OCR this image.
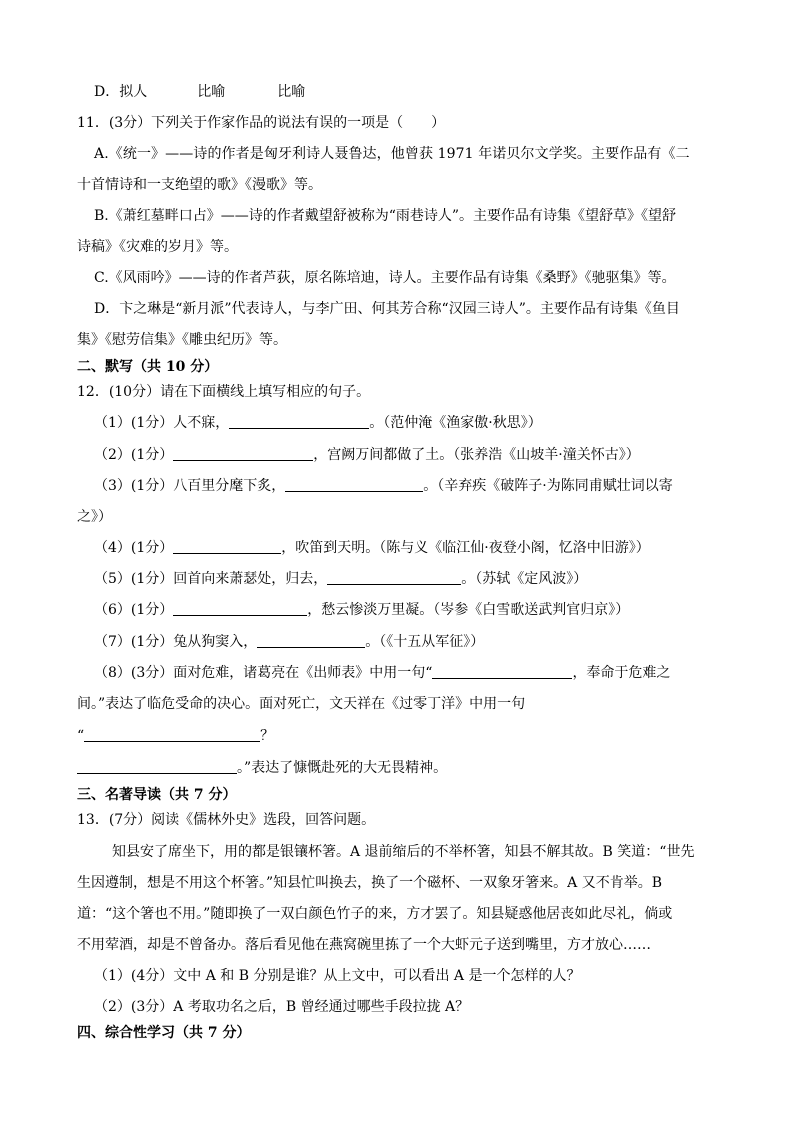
D．拟人	比喻	比喻
11．(3分）下列关于作家作品的说法有误的一项是（　　）
A.《统一》——诗的作者是匈牙利诗人聂鲁达，他曾获 1971 年诺贝尔文学奖。主要作品有《二
十首情诗和一支绝望的歌》《漫歌》等。
B.《萧红墓畔口占》——诗的作者戴望舒被称为“雨巷诗人”。主要作品有诗集《望舒草》《望舒
诗稿》《灾难的岁月》等。
C.《风雨吟》——诗的作者芦荻，原名陈培迪，诗人。主要作品有诗集《桑野》《驰驱集》等。
D．卞之琳是“新月派”代表诗人，与李广田、何其芳合称“汉园三诗人”。主要作品有诗集《鱼目
集》《慰劳信集》《雕虫纪历》等。
二、默写（共 10 分）
12．(10分）请在下面横线上填写相应的句子。
（1）(1分）人不寐，	。（范仲淹《渔家傲·秋思》）
（2）(1分）	，宫阙万间都做了土。（张养浩《山坡羊·潼关怀古》）
（3）(1分）八百里分麾下炙，	。（辛弃疾《破阵子·为陈同甫赋壮词以寄
之》）
（4）(1分）	，吹笛到天明。（陈与义《临江仙·夜登小阁，忆洛中旧游》）
（5）(1分）回首向来萧瑟处，归去，	。（苏轼《定风波》）
（6）(1分）	，愁云惨淡万里凝。（岑参《白雪歌送武判官归京》）
（7）(1分）兔从狗窦入，	。（《十五从军征》）
（8）(3分）面对危难，诸葛亮在《出师表》中用一句“	，奉命于危难之
间。”表达了临危受命的决心。面对死亡，文天祥在《过零丁洋》中用一句
“	？
。”表达了慷慨赴死的大无畏精神。
三、名著导读（共 7 分）
13．(7分）阅读《儒林外史》选段，回答问题。
知县安了席坐下，用的都是银镶杯箸。A 退前缩后的不举杯箸，知县不解其故。B 笑道：“世先
生因遵制，想是不用这个杯箸。”知县忙叫换去，换了一个磁杯、一双象牙箸来。A 又不肯举。B
道：“这个箸也不用。”随即换了一双白颜色竹子的来，方才罢了。知县疑惑他居丧如此尽礼，倘或
不用荤酒，却是不曾备办。落后看见他在燕窝碗里拣了一个大虾元子送到嘴里，方才放心……
（1）(4分）文中 A 和 B 分别是谁？从上文中，可以看出 A 是一个怎样的人？
（2）(3分）A 考取功名之后，B 曾经通过哪些手段拉拢 A？
四、综合性学习（共 7 分）
